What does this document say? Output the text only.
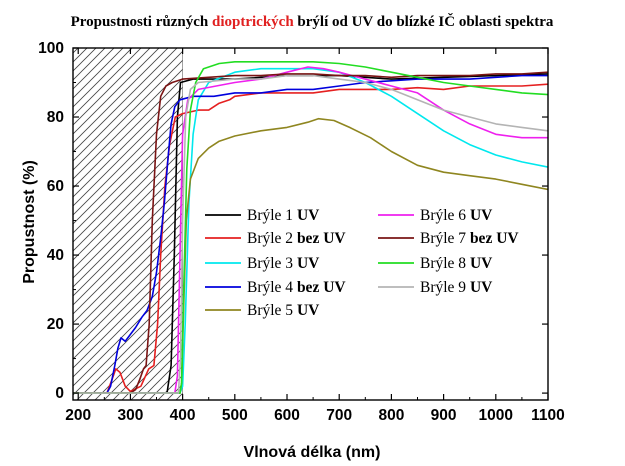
Propustnosti různých dioptrických brýlí od UV do blízké IČ oblasti spektra
200 300 400 500 600 700 800 900 1000 1100
0
20
40
60
80
100
Brýle 1 UV
Brýle 2 bez UV
Brýle 3 UV
Brýle 4 bez UV
Brýle 5 UV
Brýle 6 UV
Brýle 7 bez UV
Brýle 8 UV
Brýle 9 UV
Vlnová délka (nm)
Propustnost (%)
